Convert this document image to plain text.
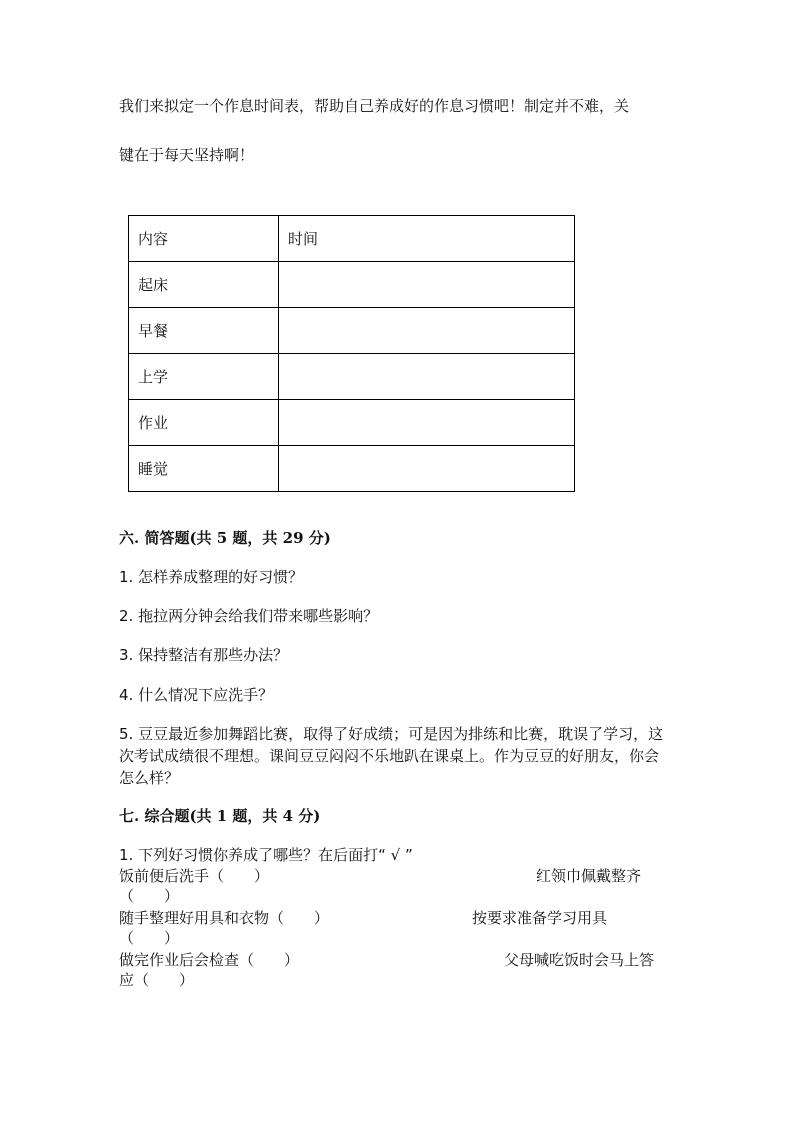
我们来拟定一个作息时间表，帮助自己养成好的作息习惯吧！制定并不难，关
键在于每天坚持啊！
内容	时间
起床	
早餐	
上学	
作业	
睡觉	
六. 简答题(共 5 题，共 29 分)
1. 怎样养成整理的好习惯？
2. 拖拉两分钟会给我们带来哪些影响？
3. 保持整洁有那些办法？
4. 什么情况下应洗手？
5. 豆豆最近参加舞蹈比赛，取得了好成绩；可是因为排练和比赛，耽误了学习，这次考试成绩很不理想。课间豆豆闷闷不乐地趴在课桌上。作为豆豆的好朋友，你会怎么样？
七. 综合题(共 1 题，共 4 分)
1. 下列好习惯你养成了哪些？在后面打“ √ ”
饭前便后洗手（　　）	红领巾佩戴整齐
（　　）
随手整理好用具和衣物（　　）	按要求准备学习用具
（　　）
做完作业后会检查（　　）	父母喊吃饭时会马上答
应（　　）
